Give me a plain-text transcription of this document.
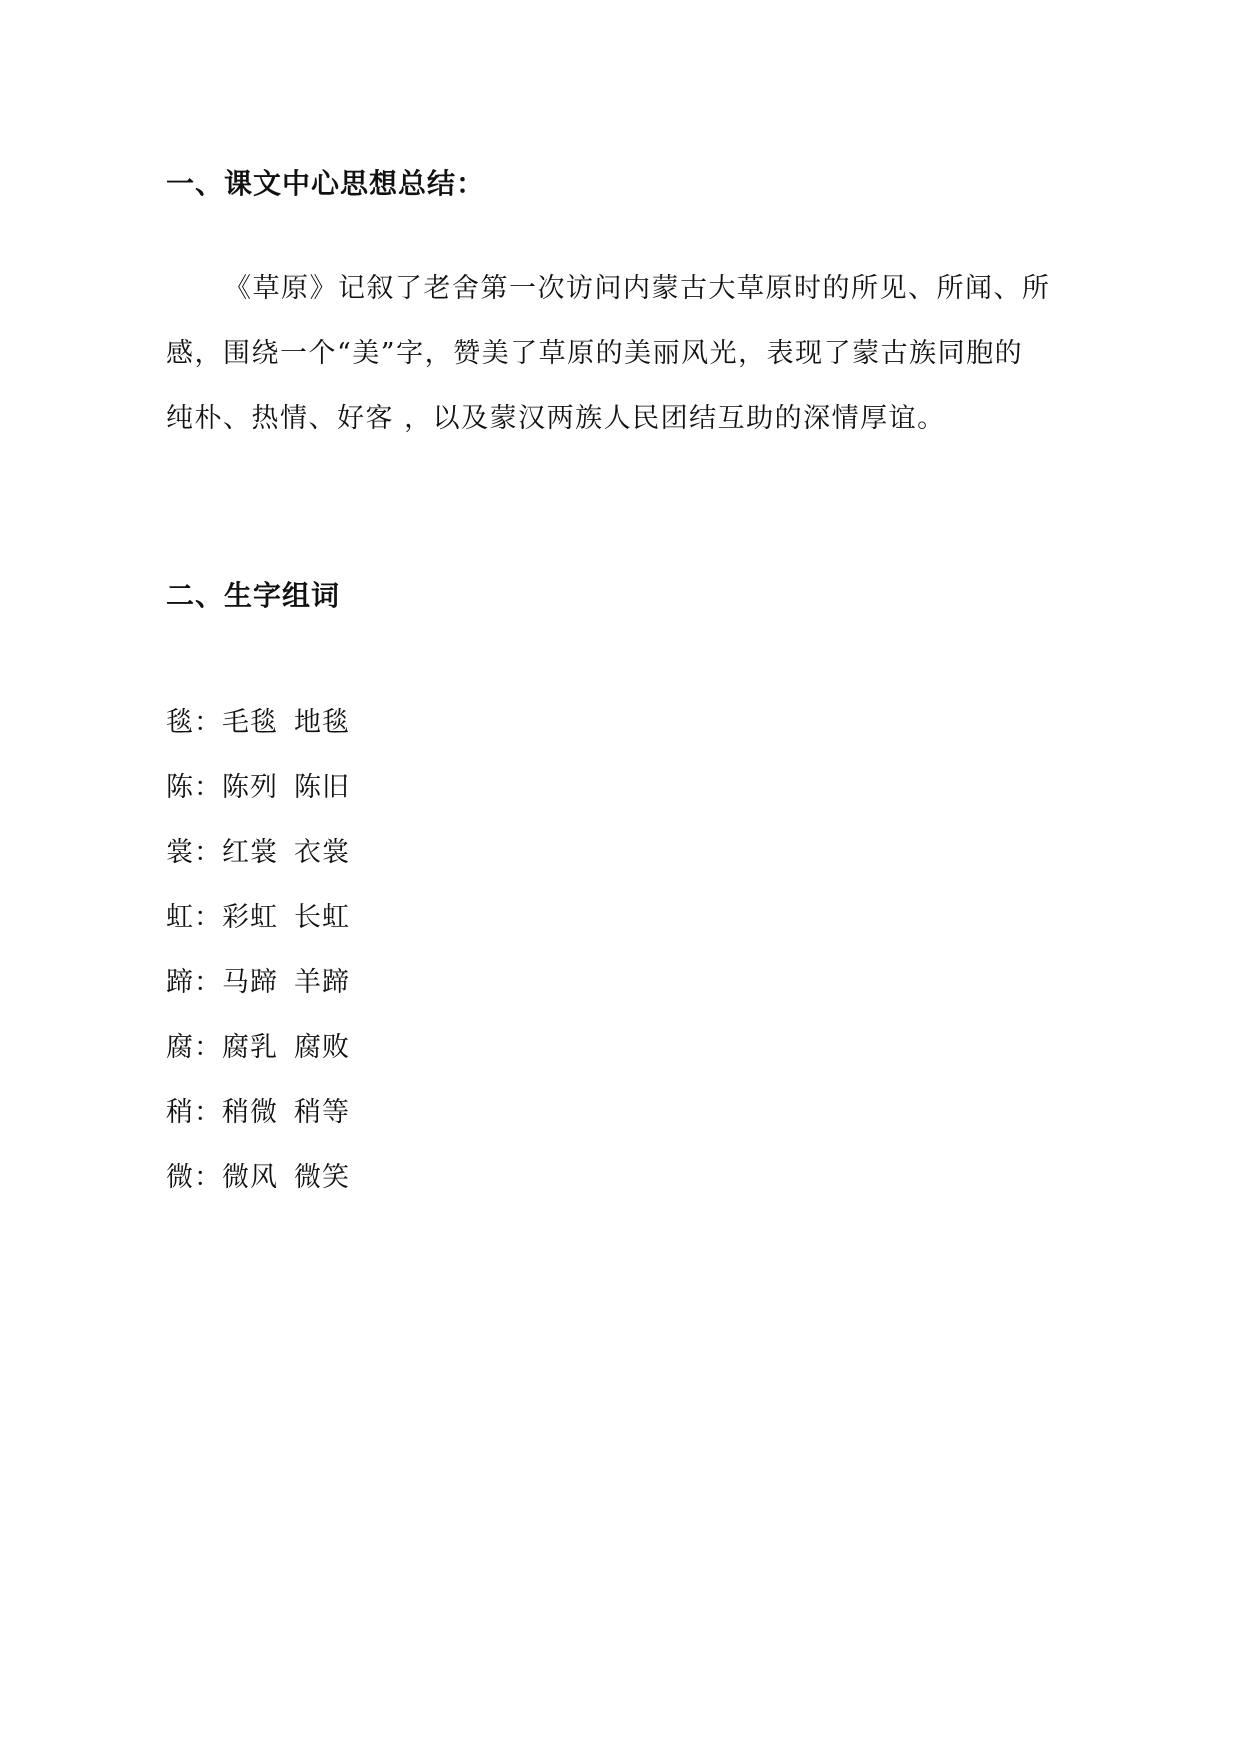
一、课文中心思想总结：
《草原》记叙了老舍第一次访问内蒙古大草原时的所见、所闻、所
感，围绕一个“美”字，赞美了草原的美丽风光，表现了蒙古族同胞的
纯朴、热情、好客 ，以及蒙汉两族人民团结互助的深情厚谊。
二、生字组词
毯：毛毯 地毯
陈：陈列 陈旧
裳：红裳 衣裳
虹：彩虹 长虹
蹄：马蹄 羊蹄
腐：腐乳 腐败
稍：稍微 稍等
微：微风 微笑
